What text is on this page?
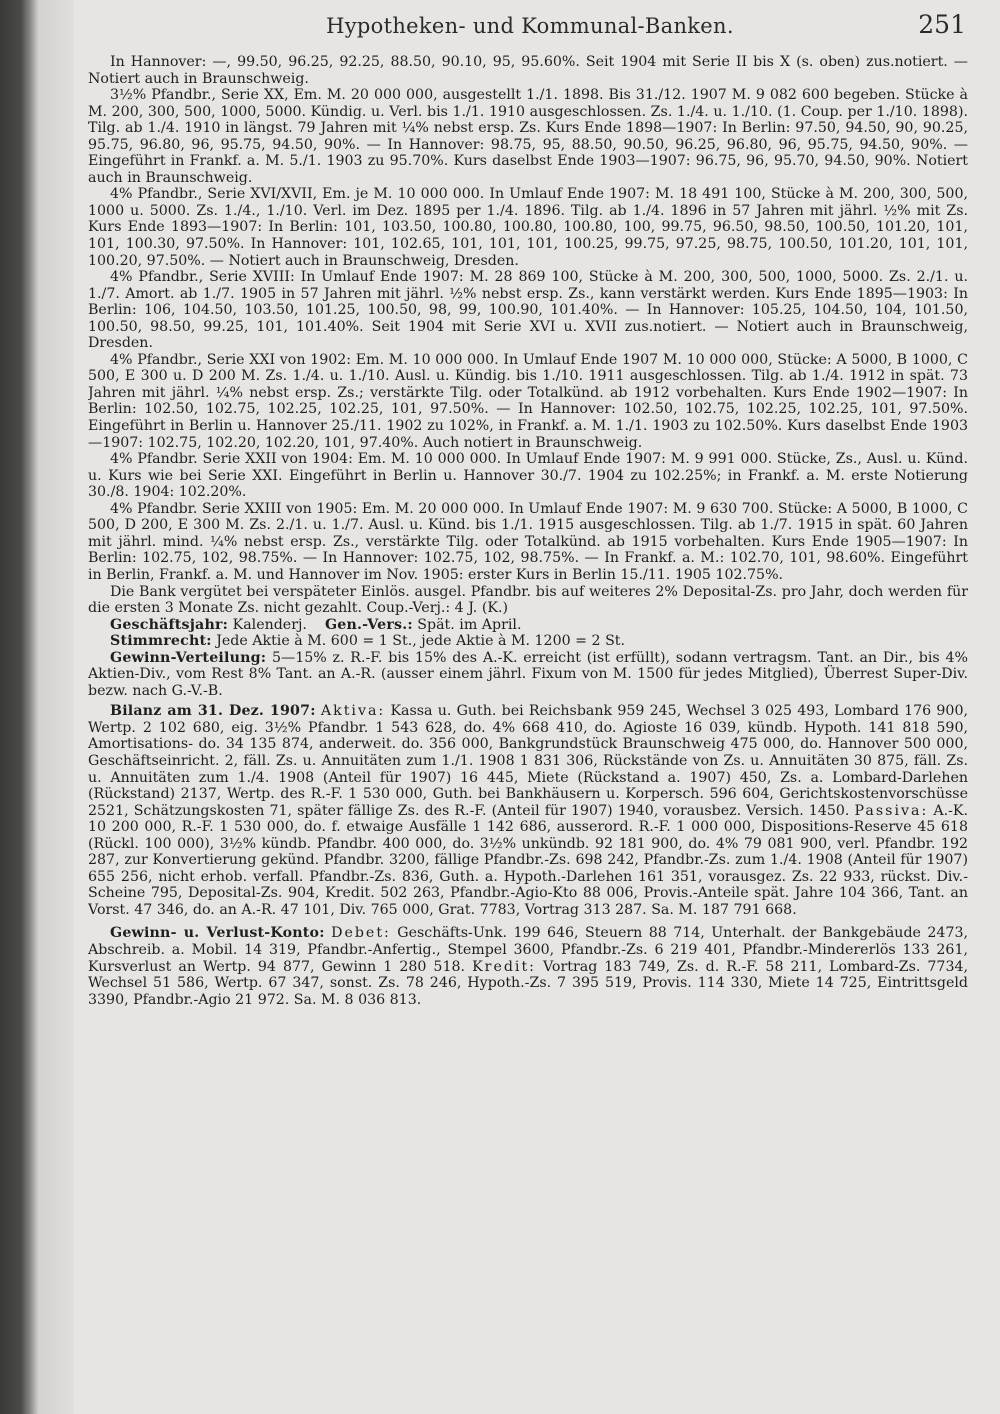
Hypotheken- und Kommunal-Banken.	251

In Hannover: —, 99.50, 96.25, 92.25, 88.50, 90.10, 95, 95.60%. Seit 1904 mit Serie II bis X (s. oben) zus.notiert. — Notiert auch in Braunschweig.

3½% Pfandbr., Serie XX, Em. M. 20 000 000, ausgestellt 1./1. 1898. Bis 31./12. 1907 M. 9 082 600 begeben. Stücke à M. 200, 300, 500, 1000, 5000. Kündig. u. Verl. bis 1./1. 1910 ausgeschlossen. Zs. 1./4. u. 1./10. (1. Coup. per 1./10. 1898). Tilg. ab 1./4. 1910 in längst. 79 Jahren mit ¼% nebst ersp. Zs. Kurs Ende 1898—1907: In Berlin: 97.50, 94.50, 90, 90.25, 95.75, 96.80, 96, 95.75, 94.50, 90%. — In Hannover: 98.75, 95, 88.50, 90.50, 96.25, 96.80, 96, 95.75, 94.50, 90%. — Eingeführt in Frankf. a. M. 5./1. 1903 zu 95.70%. Kurs daselbst Ende 1903—1907: 96.75, 96, 95.70, 94.50, 90%. Notiert auch in Braunschweig.

4% Pfandbr., Serie XVI/XVII, Em. je M. 10 000 000. In Umlauf Ende 1907: M. 18 491 100, Stücke à M. 200, 300, 500, 1000 u. 5000. Zs. 1./4., 1./10. Verl. im Dez. 1895 per 1./4. 1896. Tilg. ab 1./4. 1896 in 57 Jahren mit jährl. ½% mit Zs. Kurs Ende 1893—1907: In Berlin: 101, 103.50, 100.80, 100.80, 100.80, 100, 99.75, 96.50, 98.50, 100.50, 101.20, 101, 101, 100.30, 97.50%. In Hannover: 101, 102.65, 101, 101, 101, 100.25, 99.75, 97.25, 98.75, 100.50, 101.20, 101, 101, 100.20, 97.50%. — Notiert auch in Braunschweig, Dresden.

4% Pfandbr., Serie XVIII: In Umlauf Ende 1907: M. 28 869 100, Stücke à M. 200, 300, 500, 1000, 5000. Zs. 2./1. u. 1./7. Amort. ab 1./7. 1905 in 57 Jahren mit jährl. ½% nebst ersp. Zs., kann verstärkt werden. Kurs Ende 1895—1903: In Berlin: 106, 104.50, 103.50, 101.25, 100.50, 98, 99, 100.90, 101.40%. — In Hannover: 105.25, 104.50, 104, 101.50, 100.50, 98.50, 99.25, 101, 101.40%. Seit 1904 mit Serie XVI u. XVII zus.notiert. — Notiert auch in Braunschweig, Dresden.

4% Pfandbr., Serie XXI von 1902: Em. M. 10 000 000. In Umlauf Ende 1907 M. 10 000 000, Stücke: A 5000, B 1000, C 500, E 300 u. D 200 M. Zs. 1./4. u. 1./10. Ausl. u. Kündig. bis 1./10. 1911 ausgeschlossen. Tilg. ab 1./4. 1912 in spät. 73 Jahren mit jährl. ¼% nebst ersp. Zs.; verstärkte Tilg. oder Totalkünd. ab 1912 vorbehalten. Kurs Ende 1902—1907: In Berlin: 102.50, 102.75, 102.25, 102.25, 101, 97.50%. — In Hannover: 102.50, 102.75, 102.25, 102.25, 101, 97.50%. Eingeführt in Berlin u. Hannover 25./11. 1902 zu 102%, in Frankf. a. M. 1./1. 1903 zu 102.50%. Kurs daselbst Ende 1903—1907: 102.75, 102.20, 102.20, 101, 97.40%. Auch notiert in Braunschweig.

4% Pfandbr. Serie XXII von 1904: Em. M. 10 000 000. In Umlauf Ende 1907: M. 9 991 000. Stücke, Zs., Ausl. u. Künd. u. Kurs wie bei Serie XXI. Eingeführt in Berlin u. Hannover 30./7. 1904 zu 102.25%; in Frankf. a. M. erste Notierung 30./8. 1904: 102.20%.

4% Pfandbr. Serie XXIII von 1905: Em. M. 20 000 000. In Umlauf Ende 1907: M. 9 630 700. Stücke: A 5000, B 1000, C 500, D 200, E 300 M. Zs. 2./1. u. 1./7. Ausl. u. Künd. bis 1./1. 1915 ausgeschlossen. Tilg. ab 1./7. 1915 in spät. 60 Jahren mit jährl. mind. ¼% nebst ersp. Zs., verstärkte Tilg. oder Totalkünd. ab 1915 vorbehalten. Kurs Ende 1905—1907: In Berlin: 102.75, 102, 98.75%. — In Hannover: 102.75, 102, 98.75%. — In Frankf. a. M.: 102.70, 101, 98.60%. Eingeführt in Berlin, Frankf. a. M. und Hannover im Nov. 1905: erster Kurs in Berlin 15./11. 1905 102.75%.

Die Bank vergütet bei verspäteter Einlös. ausgel. Pfandbr. bis auf weiteres 2% Deposital-Zs. pro Jahr, doch werden für die ersten 3 Monate Zs. nicht gezahlt. Coup.-Verj.: 4 J. (K.)

Geschäftsjahr: Kalenderj. Gen.-Vers.: Spät. im April.

Stimmrecht: Jede Aktie à M. 600 = 1 St., jede Aktie à M. 1200 = 2 St.

Gewinn-Verteilung: 5—15% z. R.-F. bis 15% des A.-K. erreicht (ist erfüllt), sodann vertragsm. Tant. an Dir., bis 4% Aktien-Div., vom Rest 8% Tant. an A.-R. (ausser einem jährl. Fixum von M. 1500 für jedes Mitglied), Überrest Super-Div. bezw. nach G.-V.-B.

Bilanz am 31. Dez. 1907: Aktiva: Kassa u. Guth. bei Reichsbank 959 245, Wechsel 3 025 493, Lombard 176 900, Wertp. 2 102 680, eig. 3½% Pfandbr. 1 543 628, do. 4% 668 410, do. Agioste 16 039, kündb. Hypoth. 141 818 590, Amortisations- do. 34 135 874, anderweit. do. 356 000, Bankgrundstück Braunschweig 475 000, do. Hannover 500 000, Geschäftseinricht. 2, fäll. Zs. u. Annuitäten zum 1./1. 1908 1 831 306, Rückstände von Zs. u. Annuitäten 30 875, fäll. Zs. u. Annuitäten zum 1./4. 1908 (Anteil für 1907) 16 445, Miete (Rückstand a. 1907) 450, Zs. a. Lombard-Darlehen (Rückstand) 2137, Wertp. des R.-F. 1 530 000, Guth. bei Bankhäusern u. Korpersch. 596 604, Gerichtskostenvorschüsse 2521, Schätzungskosten 71, später fällige Zs. des R.-F. (Anteil für 1907) 1940, vorausbez. Versich. 1450. Passiva: A.-K. 10 200 000, R.-F. 1 530 000, do. f. etwaige Ausfälle 1 142 686, ausserord. R.-F. 1 000 000, Dispositions-Reserve 45 618 (Rückl. 100 000), 3½% kündb. Pfandbr. 400 000, do. 3½% unkündb. 92 181 900, do. 4% 79 081 900, verl. Pfandbr. 192 287, zur Konvertierung gekünd. Pfandbr. 3200, fällige Pfandbr.-Zs. 698 242, Pfandbr.-Zs. zum 1./4. 1908 (Anteil für 1907) 655 256, nicht erhob. verfall. Pfandbr.-Zs. 836, Guth. a. Hypoth.-Darlehen 161 351, vorausgez. Zs. 22 933, rückst. Div.-Scheine 795, Deposital-Zs. 904, Kredit. 502 263, Pfandbr.-Agio-Kto 88 006, Provis.-Anteile spät. Jahre 104 366, Tant. an Vorst. 47 346, do. an A.-R. 47 101, Div. 765 000, Grat. 7783, Vortrag 313 287. Sa. M. 187 791 668.

Gewinn- u. Verlust-Konto: Debet: Geschäfts-Unk. 199 646, Steuern 88 714, Unterhalt. der Bankgebäude 2473, Abschreib. a. Mobil. 14 319, Pfandbr.-Anfertig., Stempel 3600, Pfandbr.-Zs. 6 219 401, Pfandbr.-Mindererlös 133 261, Kursverlust an Wertp. 94 877, Gewinn 1 280 518. Kredit: Vortrag 183 749, Zs. d. R.-F. 58 211, Lombard-Zs. 7734, Wechsel 51 586, Wertp. 67 347, sonst. Zs. 78 246, Hypoth.-Zs. 7 395 519, Provis. 114 330, Miete 14 725, Eintrittsgeld 3390, Pfandbr.-Agio 21 972. Sa. M. 8 036 813.
